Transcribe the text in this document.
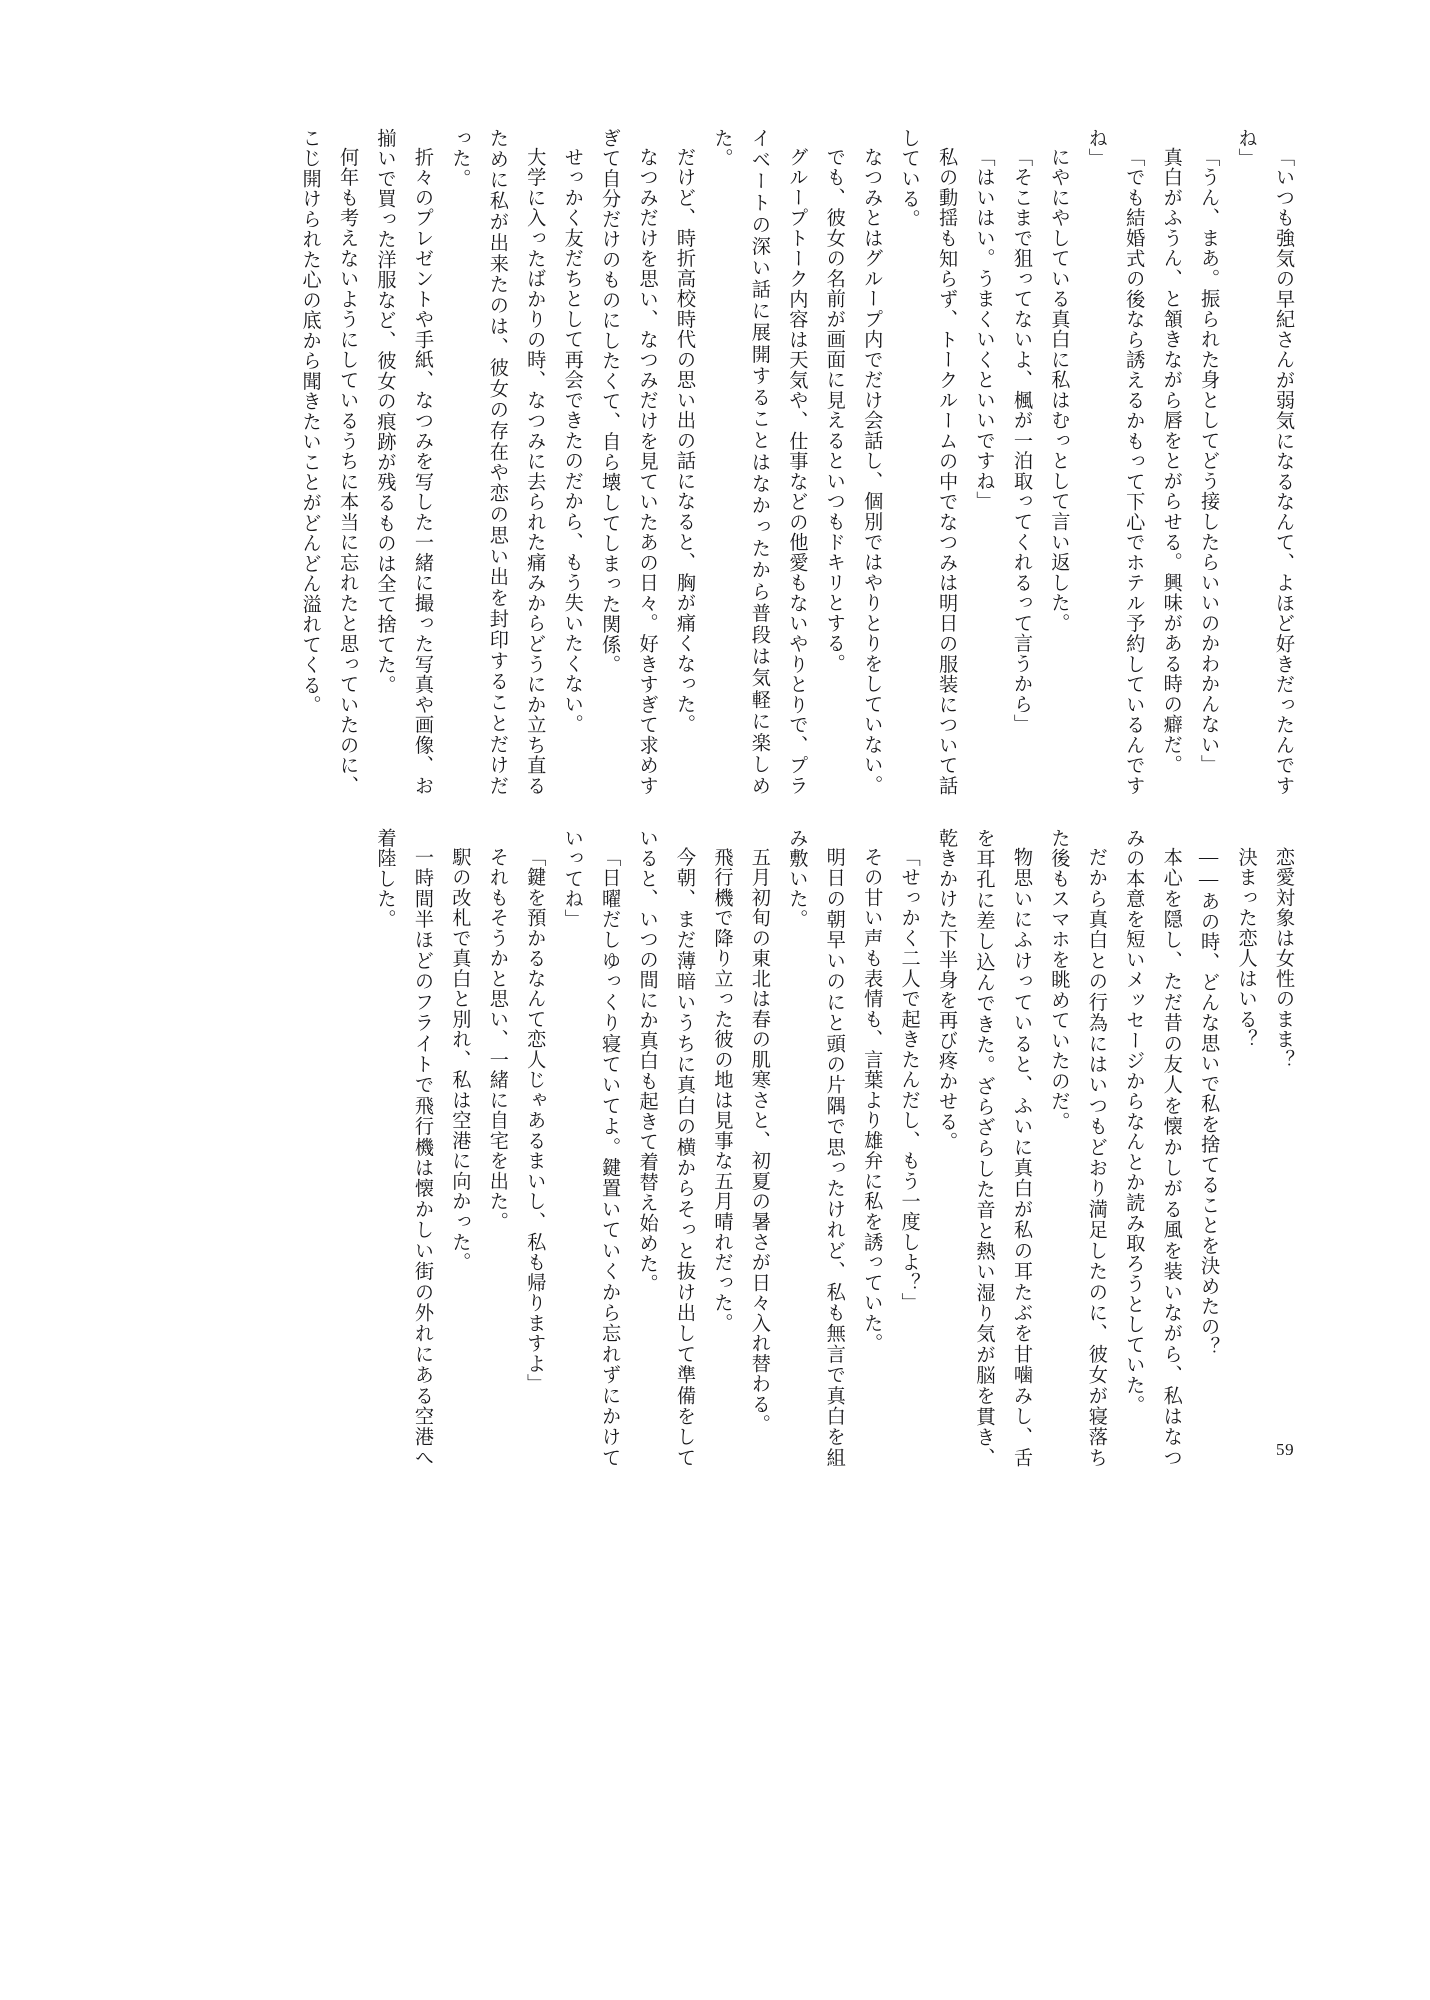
「いつも強気の早紀さんが弱気になるなんて、よほど好きだったんですね」

「うん、まあ。振られた身としてどう接したらいいのかわかんない」

真白がふうん、と頷きながら唇をとがらせる。興味がある時の癖だ。

「でも結婚式の後なら誘えるかもって下心でホテル予約しているんですね」

にやにやしている真白に私はむっとして言い返した。

「そこまで狙ってないよ、楓が一泊取ってくれるって言うから」

「はいはい。うまくいくといいですね」

私の動揺も知らず、トークルームの中でなつみは明日の服装について話している。

なつみとはグループ内でだけ会話し、個別ではやりとりをしていない。

でも、彼女の名前が画面に見えるといつもドキリとする。

グループトーク内容は天気や、仕事などの他愛もないやりとりで、プライベートの深い話に展開することはなかったから普段は気軽に楽しめた。

だけど、時折高校時代の思い出の話になると、胸が痛くなった。

なつみだけを思い、なつみだけを見ていたあの日々。好きすぎて求めすぎて自分だけのものにしたくて、自ら壊してしまった関係。

せっかく友だちとして再会できたのだから、もう失いたくない。

大学に入ったばかりの時、なつみに去られた痛みからどうにか立ち直るために私が出来たのは、彼女の存在や恋の思い出を封印することだけだった。

折々のプレゼントや手紙、なつみを写した一緒に撮った写真や画像、お揃いで買った洋服など、彼女の痕跡が残るものは全て捨てた。

何年も考えないようにしているうちに本当に忘れたと思っていたのに、こじ開けられた心の底から聞きたいことがどんどん溢れてくる。

恋愛対象は女性のまま？

決まった恋人はいる？

――あの時、どんな思いで私を捨てることを決めたの？

本心を隠し、ただ昔の友人を懐かしがる風を装いながら、私はなつみの本意を短いメッセージからなんとか読み取ろうとしていた。

だから真白との行為にはいつもどおり満足したのに、彼女が寝落ちた後もスマホを眺めていたのだ。

物思いにふけっていると、ふいに真白が私の耳たぶを甘噛みし、舌を耳孔に差し込んできた。ざらざらした音と熱い湿り気が脳を貫き、乾きかけた下半身を再び疼かせる。

「せっかく二人で起きたんだし、もう一度しよ？」

その甘い声も表情も、言葉より雄弁に私を誘っていた。

明日の朝早いのにと頭の片隅で思ったけれど、私も無言で真白を組み敷いた。

五月初旬の東北は春の肌寒さと、初夏の暑さが日々入れ替わる。

飛行機で降り立った彼の地は見事な五月晴れだった。

今朝、まだ薄暗いうちに真白の横からそっと抜け出して準備をしていると、いつの間にか真白も起きて着替え始めた。

「日曜だしゆっくり寝ていてよ。鍵置いていくから忘れずにかけていってね」

「鍵を預かるなんて恋人じゃあるまいし、私も帰りますよ」

それもそうかと思い、一緒に自宅を出た。

駅の改札で真白と別れ、私は空港に向かった。

一時間半ほどのフライトで飛行機は懐かしい街の外れにある空港へ着陸した。

59
